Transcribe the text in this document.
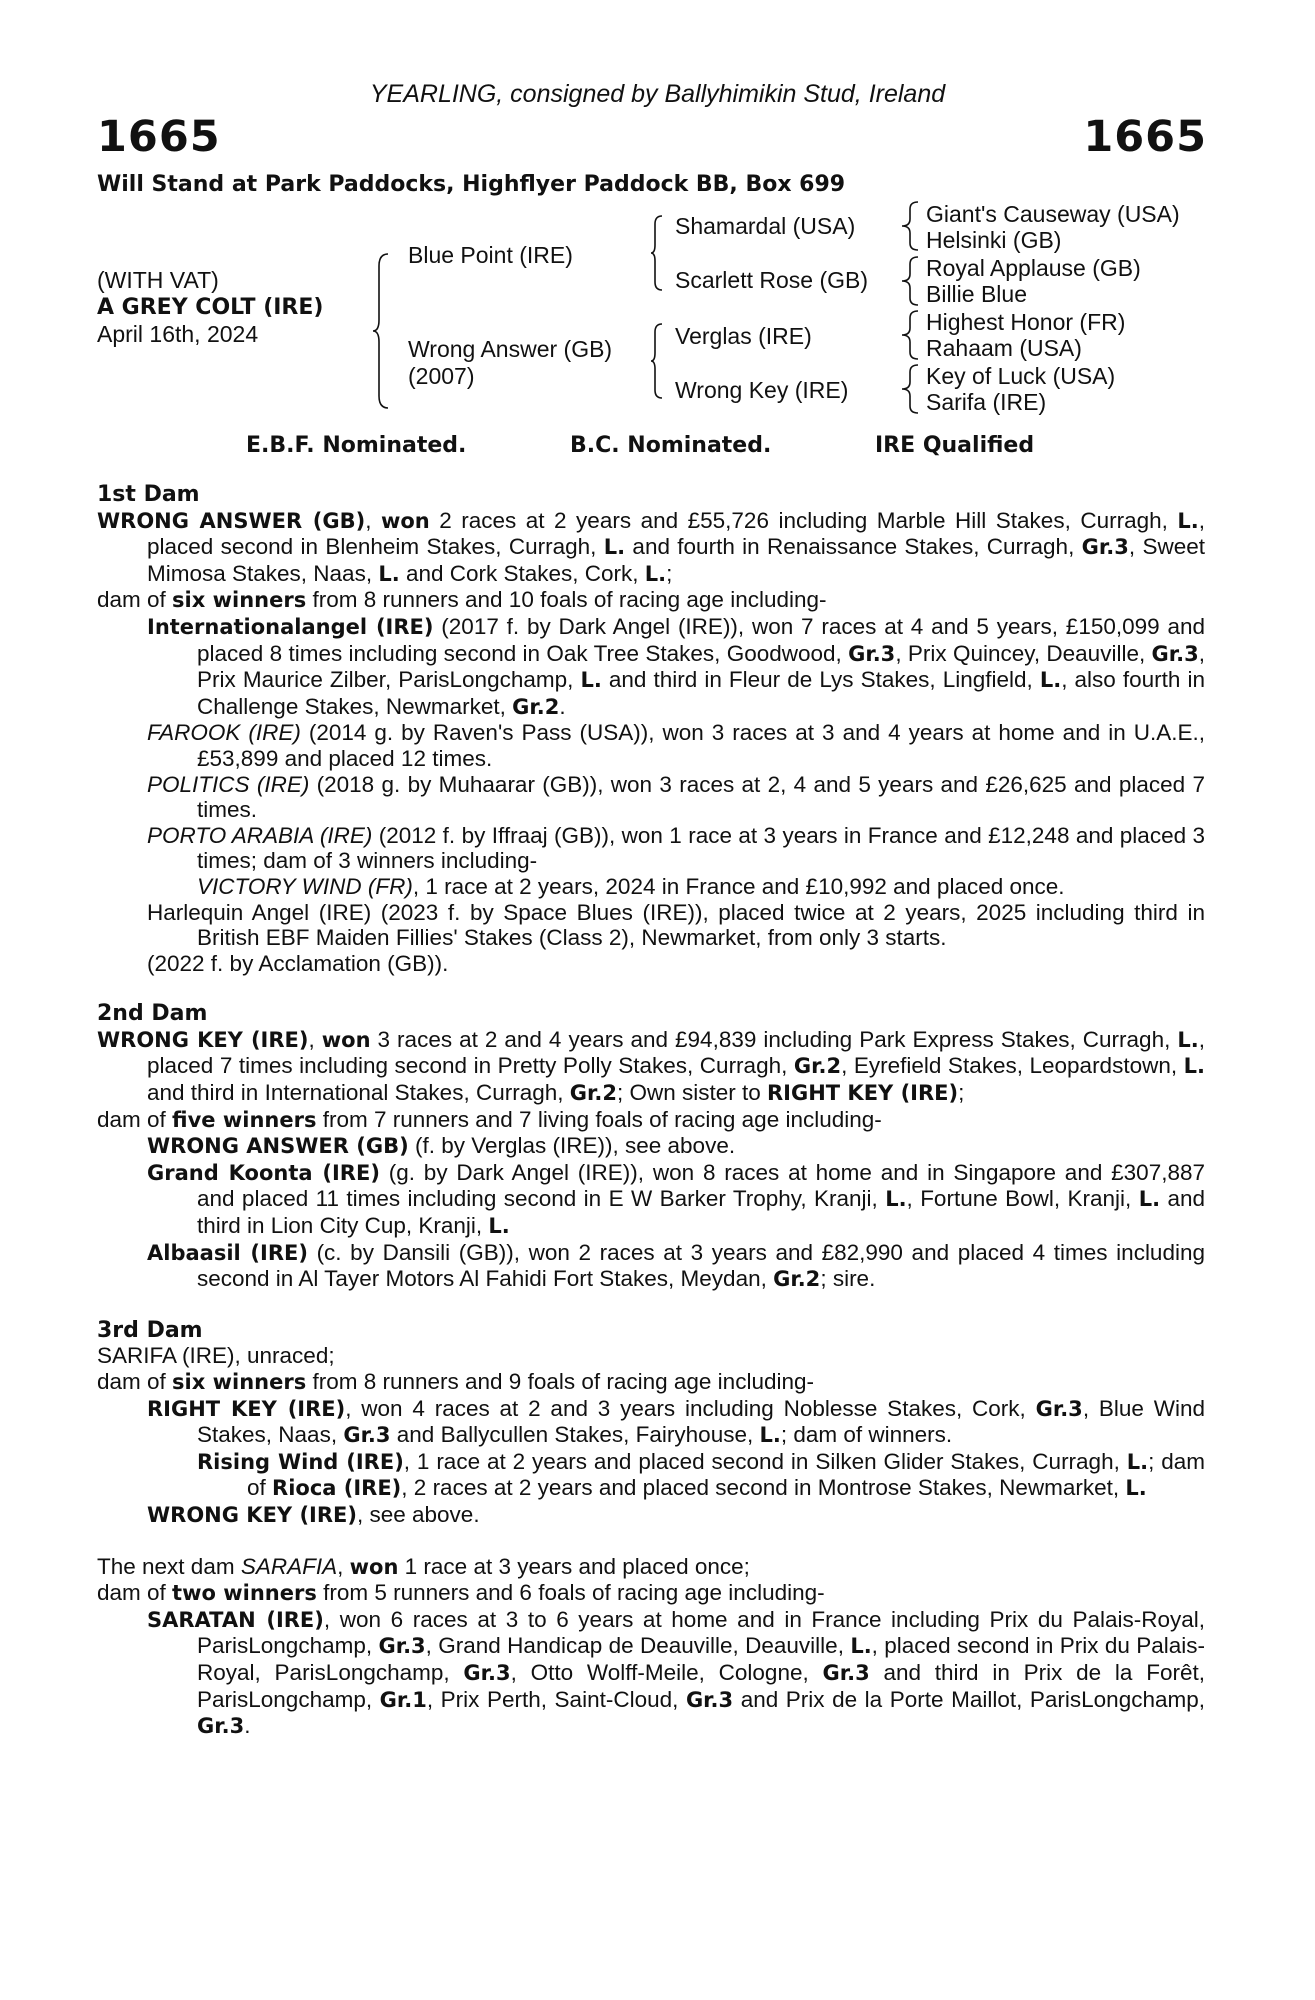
YEARLING, consigned by Ballyhimikin Stud, Ireland
1665	1665
Will Stand at Park Paddocks, Highflyer Paddock BB, Box 699
(WITH VAT)
A GREY COLT (IRE)
April 16th, 2024
Blue Point (IRE)
Wrong Answer (GB)
(2007)
Shamardal (USA)
Scarlett Rose (GB)
Verglas (IRE)
Wrong Key (IRE)
Giant's Causeway (USA)
Helsinki (GB)
Royal Applause (GB)
Billie Blue
Highest Honor (FR)
Rahaam (USA)
Key of Luck (USA)
Sarifa (IRE)
E.B.F. Nominated.	B.C. Nominated.	IRE Qualified
1st Dam
WRONG ANSWER (GB), won 2 races at 2 years and £55,726 including Marble Hill Stakes, Curragh, L., placed second in Blenheim Stakes, Curragh, L. and fourth in Renaissance Stakes, Curragh, Gr.3, Sweet Mimosa Stakes, Naas, L. and Cork Stakes, Cork, L.;
dam of six winners from 8 runners and 10 foals of racing age including-
Internationalangel (IRE) (2017 f. by Dark Angel (IRE)), won 7 races at 4 and 5 years, £150,099 and placed 8 times including second in Oak Tree Stakes, Goodwood, Gr.3, Prix Quincey, Deauville, Gr.3, Prix Maurice Zilber, ParisLongchamp, L. and third in Fleur de Lys Stakes, Lingfield, L., also fourth in Challenge Stakes, Newmarket, Gr.2.
FAROOK (IRE) (2014 g. by Raven's Pass (USA)), won 3 races at 3 and 4 years at home and in U.A.E., £53,899 and placed 12 times.
POLITICS (IRE) (2018 g. by Muhaarar (GB)), won 3 races at 2, 4 and 5 years and £26,625 and placed 7 times.
PORTO ARABIA (IRE) (2012 f. by Iffraaj (GB)), won 1 race at 3 years in France and £12,248 and placed 3 times; dam of 3 winners including-
VICTORY WIND (FR), 1 race at 2 years, 2024 in France and £10,992 and placed once.
Harlequin Angel (IRE) (2023 f. by Space Blues (IRE)), placed twice at 2 years, 2025 including third in British EBF Maiden Fillies' Stakes (Class 2), Newmarket, from only 3 starts.
(2022 f. by Acclamation (GB)).
2nd Dam
WRONG KEY (IRE), won 3 races at 2 and 4 years and £94,839 including Park Express Stakes, Curragh, L., placed 7 times including second in Pretty Polly Stakes, Curragh, Gr.2, Eyrefield Stakes, Leopardstown, L. and third in International Stakes, Curragh, Gr.2; Own sister to RIGHT KEY (IRE);
dam of five winners from 7 runners and 7 living foals of racing age including-
WRONG ANSWER (GB) (f. by Verglas (IRE)), see above.
Grand Koonta (IRE) (g. by Dark Angel (IRE)), won 8 races at home and in Singapore and £307,887 and placed 11 times including second in E W Barker Trophy, Kranji, L., Fortune Bowl, Kranji, L. and third in Lion City Cup, Kranji, L.
Albaasil (IRE) (c. by Dansili (GB)), won 2 races at 3 years and £82,990 and placed 4 times including second in Al Tayer Motors Al Fahidi Fort Stakes, Meydan, Gr.2; sire.
3rd Dam
SARIFA (IRE), unraced;
dam of six winners from 8 runners and 9 foals of racing age including-
RIGHT KEY (IRE), won 4 races at 2 and 3 years including Noblesse Stakes, Cork, Gr.3, Blue Wind Stakes, Naas, Gr.3 and Ballycullen Stakes, Fairyhouse, L.; dam of winners.
Rising Wind (IRE), 1 race at 2 years and placed second in Silken Glider Stakes, Curragh, L.; dam of Rioca (IRE), 2 races at 2 years and placed second in Montrose Stakes, Newmarket, L.
WRONG KEY (IRE), see above.
The next dam SARAFIA, won 1 race at 3 years and placed once;
dam of two winners from 5 runners and 6 foals of racing age including-
SARATAN (IRE), won 6 races at 3 to 6 years at home and in France including Prix du Palais-Royal, ParisLongchamp, Gr.3, Grand Handicap de Deauville, Deauville, L., placed second in Prix du Palais-Royal, ParisLongchamp, Gr.3, Otto Wolff-Meile, Cologne, Gr.3 and third in Prix de la Forêt, ParisLongchamp, Gr.1, Prix Perth, Saint-Cloud, Gr.3 and Prix de la Porte Maillot, ParisLongchamp, Gr.3.
